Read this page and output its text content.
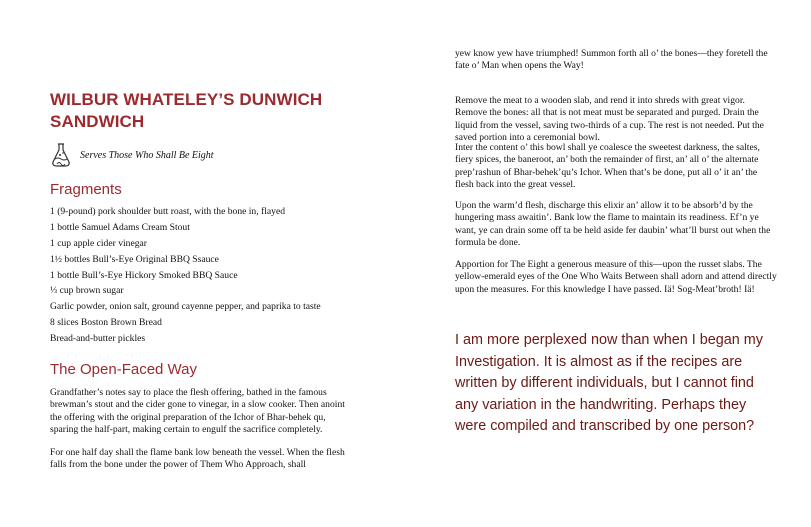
WILBUR WHATELEY’S DUNWICH SANDWICH
Serves Those Who Shall Be Eight
Fragments
1 (9-pound) pork shoulder butt roast, with the bone in, flayed
1 bottle Samuel Adams Cream Stout
1 cup apple cider vinegar
1½ bottles Bull’s-Eye Original BBQ Ssauce
1 bottle Bull’s-Eye Hickory Smoked BBQ Sauce
⅓ cup brown sugar
Garlic powder, onion salt, ground cayenne pepper, and paprika to taste
8 slices Boston Brown Bread
Bread-and-butter pickles
The Open-Faced Way

Grandfather’s notes say to place the flesh offering, bathed in the famous brewman’s stout and the cider gone to vinegar, in a slow cooker. Then anoint the offering with the original preparation of the Ichor of Bhar-behek qu, sparing the half-part, making certain to engulf the sacrifice completely.

For one half day shall the flame bank low beneath the vessel. When the flesh falls from the bone under the power of Them Who Approach, shall

yew know yew have triumphed! Summon forth all o’ the bones—they foretell the fate o’ Man when opens the Way!

Remove the meat to a wooden slab, and rend it into shreds with great vigor. Remove the bones: all that is not meat must be separated and purged. Drain the liquid from the vessel, saving two-thirds of a cup. The rest is not needed. Put the saved portion into a ceremonial bowl.

Inter the content o’ this bowl shall ye coalesce the sweetest darkness, the saltes, fiery spices, the baneroot, an’ both the remainder of first, an’ all o’ the alternate prep’rashun of Bhar-behek’qu’s Ichor. When that’s be done, put all o’ it an’ the flesh back into the great vessel.

Upon the warm’d flesh, discharge this elixir an’ allow it to be absorb’d by the hungering mass awaitin’. Bank low the flame to maintain its readiness. Ef’n ye want, ye can drain some off ta be held aside fer daubin’ what’ll burst out when the formula be done.

Apportion for The Eight a generous measure of this—upon the russet slabs. The yellow-emerald eyes of the One Who Waits Between shall adorn and attend directly upon the measures. For this knowledge I have passed. Iä! Sog-Meat’broth! Iä!

I am more perplexed now than when I began my Investigation. It is almost as if the recipes are written by different individuals, but I cannot find any variation in the handwriting. Perhaps they were compiled and transcribed by one person?
